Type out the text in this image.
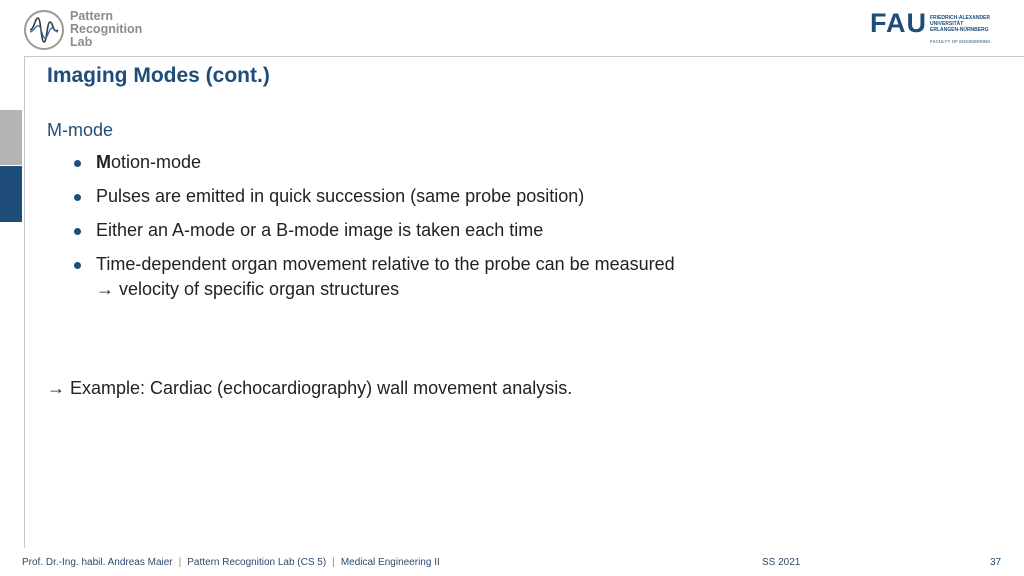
Pattern
Recognition
Lab
FAU FRIEDRICH-ALEXANDER
UNIVERSITÄT
ERLANGEN-NÜRNBERG
FACULTY OF ENGINEERING
Imaging Modes (cont.)
M-mode
Motion-mode
Pulses are emitted in quick succession (same probe position)
Either an A-mode or a B-mode image is taken each time
Time-dependent organ movement relative to the probe can be measured
→ velocity of specific organ structures
→ Example: Cardiac (echocardiography) wall movement analysis.
Prof. Dr.-Ing. habil. Andreas Maier | Pattern Recognition Lab (CS 5) | Medical Engineering II	SS 2021	37
